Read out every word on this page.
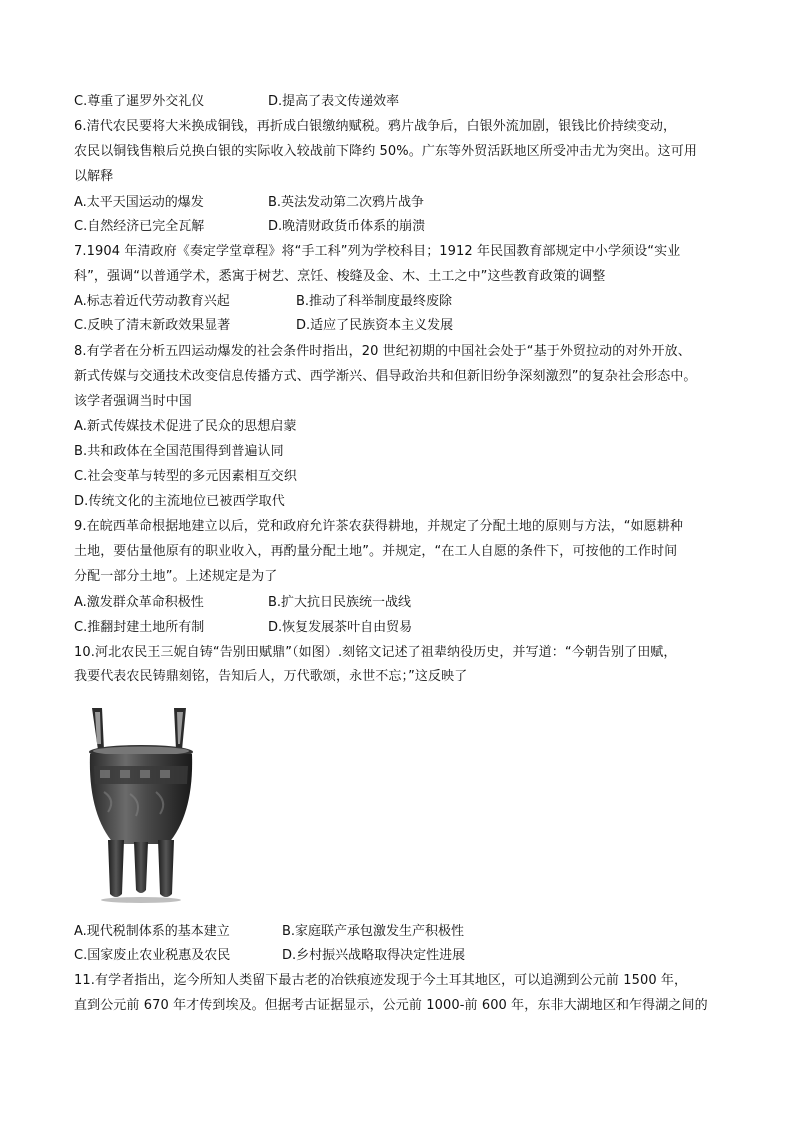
C.尊重了暹罗外交礼仪	D.提高了表文传递效率
6.清代农民要将大米换成铜钱，再折成白银缴纳赋税。鸦片战争后，白银外流加剧，银钱比价持续变动，
农民以铜钱售粮后兑换白银的实际收入较战前下降约 50%。广东等外贸活跃地区所受冲击尤为突出。这可用
以解释
A.太平天国运动的爆发	B.英法发动第二次鸦片战争
C.自然经济已完全瓦解	D.晚清财政货币体系的崩溃
7.1904 年清政府《奏定学堂章程》将“手工科”列为学校科目；1912 年民国教育部规定中小学须设“实业
科”，强调“以普通学术，悉寓于树艺、烹饪、梭缝及金、木、土工之中”这些教育政策的调整
A.标志着近代劳动教育兴起	B.推动了科举制度最终废除
C.反映了清末新政效果显著	D.适应了民族资本主义发展
8.有学者在分析五四运动爆发的社会条件时指出，20 世纪初期的中国社会处于“基于外贸拉动的对外开放、
新式传媒与交通技术改变信息传播方式、西学渐兴、倡导政治共和但新旧纷争深刻激烈”的复杂社会形态中。
该学者强调当时中国
A.新式传媒技术促进了民众的思想启蒙
B.共和政体在全国范围得到普遍认同
C.社会变革与转型的多元因素相互交织
D.传统文化的主流地位已被西学取代
9.在皖西革命根据地建立以后，党和政府允许茶农获得耕地，并规定了分配土地的原则与方法，“如愿耕种
土地，要估量他原有的职业收入，再酌量分配土地”。并规定，“在工人自愿的条件下，可按他的工作时间
分配一部分土地”。上述规定是为了
A.激发群众革命积极性	B.扩大抗日民族统一战线
C.推翻封建土地所有制	D.恢复发展茶叶自由贸易
10.河北农民王三妮自铸“告别田赋鼎”（如图）.刻铭文记述了祖辈纳役历史，并写道：“今朝告别了田赋，
我要代表农民铸鼎刻铭，告知后人，万代歌颂，永世不忘；”这反映了
A.现代税制体系的基本建立	B.家庭联产承包激发生产积极性
C.国家废止农业税惠及农民	D.乡村振兴战略取得决定性进展
11.有学者指出，迄今所知人类留下最古老的冶铁痕迹发现于今土耳其地区，可以追溯到公元前 1500 年，
直到公元前 670 年才传到埃及。但据考古证据显示，公元前 1000-前 600 年，东非大湖地区和乍得湖之间的
